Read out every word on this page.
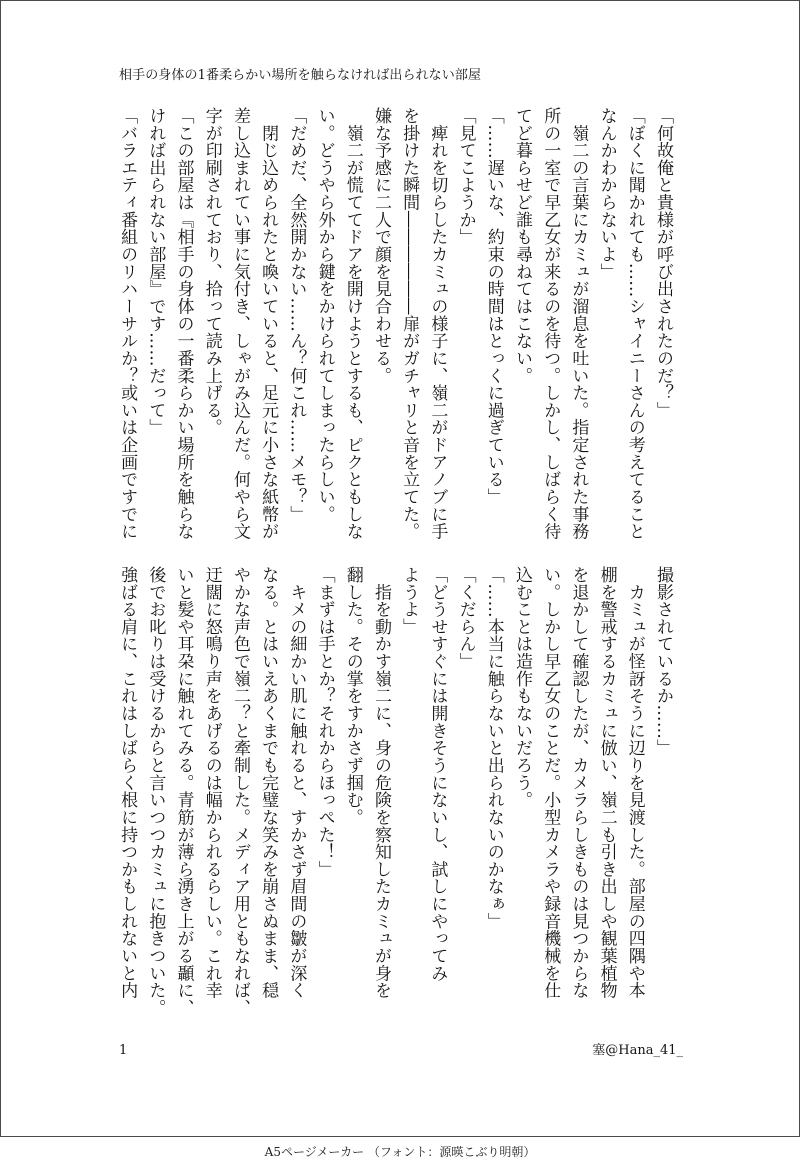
相手の身体の1番柔らかい場所を触らなければ出られない部屋
「何故俺と貴様が呼び出されたのだ？」
「ぼくに聞かれても……シャイニーさんの考えてること
なんかわからないよ」
　嶺二の言葉にカミュが溜息を吐いた。指定された事務
所の一室で早乙女が来るのを待つ。しかし、しばらく待
てど暮らせど誰も尋ねてはこない。
「……遅いな、約束の時間はとっくに過ぎている」
「見てこようか」
　痺れを切らしたカミュの様子に、嶺二がドアノブに手
を掛けた瞬間――――――扉がガチャリと音を立てた。
嫌な予感に二人で顔を見合わせる。
　嶺二が慌ててドアを開けようとするも、ピクともしな
い。どうやら外から鍵をかけられてしまったらしい。
「だめだ、全然開かない……ん？何これ……メモ？」
　閉じ込められたと喚いていると、足元に小さな紙幣が
差し込まれてい事に気付き、しゃがみ込んだ。何やら文
字が印刷されており、拾って読み上げる。
「この部屋は『相手の身体の一番柔らかい場所を触らな
ければ出られない部屋』です……だって」
「バラエティ番組のリハーサルか？或いは企画ですでに
撮影されているか……」
　カミュが怪訝そうに辺りを見渡した。部屋の四隅や本
棚を警戒するカミュに倣い、嶺二も引き出しや観葉植物
を退かして確認したが、カメラらしきものは見つからな
い。しかし早乙女のことだ。小型カメラや録音機械を仕
込むことは造作もないだろう。
「……本当に触らないと出られないのかなぁ」
「くだらん」
「どうせすぐには開きそうにないし、試しにやってみ
ようよ」
　指を動かす嶺二に、身の危険を察知したカミュが身を
翻した。その掌をすかさず掴む。
「まずは手とか？それからほっぺた！」
　キメの細かい肌に触れると、すかさず眉間の皺が深く
なる。とはいえあくまでも完璧な笑みを崩さぬまま、穏
やかな声色で嶺二？と牽制した。メディア用ともなれば、
迂闊に怒鳴り声をあげるのは幅かられるらしい。これ幸
いと髪や耳朶に触れてみる。青筋が薄ら湧き上がる顳に、
後でお叱りは受けるからと言いつつカミュに抱きついた。
強ばる肩に、これはしばらく根に持つかもしれないと内
1	塞@Hana_41_
A5ページメーカー （フォント：源暎こぶり明朝）
